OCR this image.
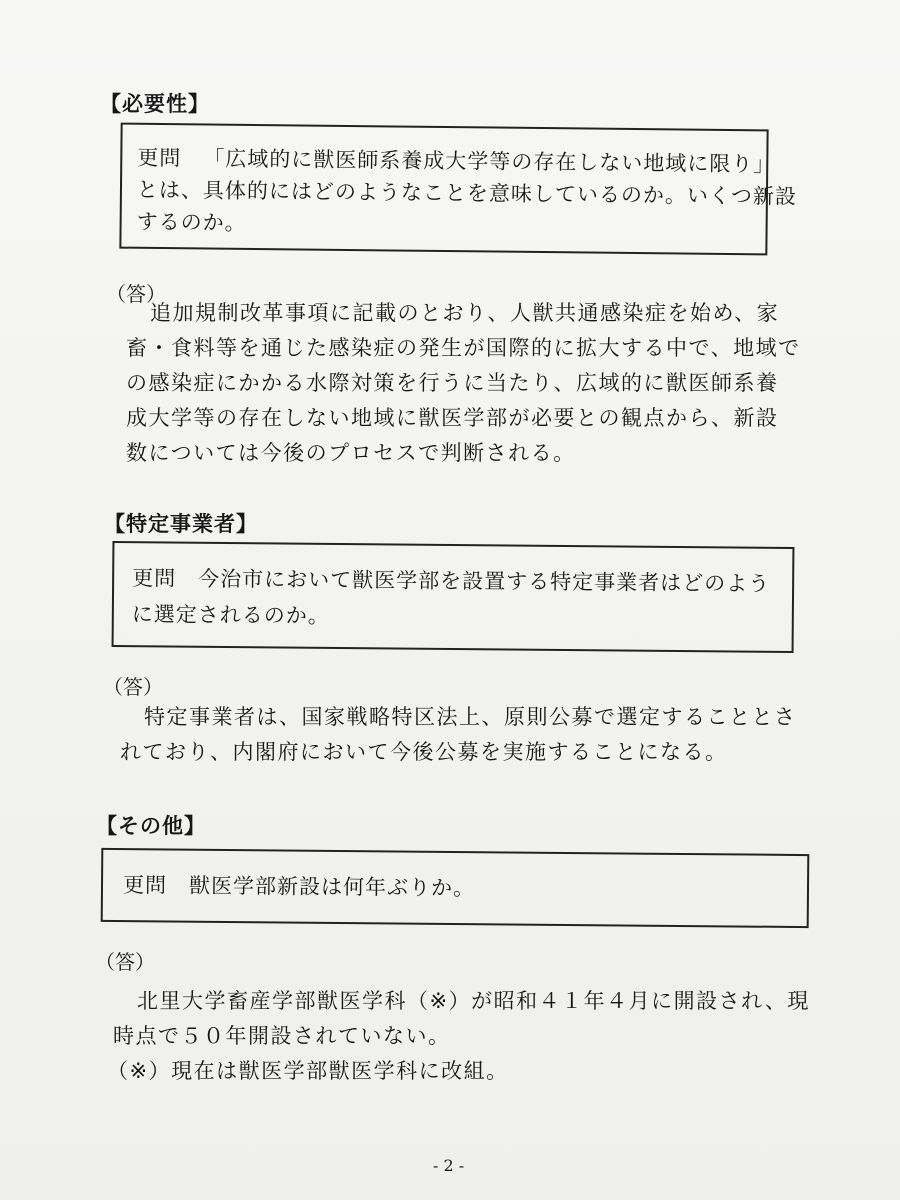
【必要性】
更問 「広域的に獣医師系養成大学等の存在しない地域に限り」
とは、具体的にはどのようなことを意味しているのか。いくつ新設
するのか。
（答）
追加規制改革事項に記載のとおり、人獣共通感染症を始め、家
畜・食料等を通じた感染症の発生が国際的に拡大する中で、地域で
の感染症にかかる水際対策を行うに当たり、広域的に獣医師系養
成大学等の存在しない地域に獣医学部が必要との観点から、新設
数については今後のプロセスで判断される。
【特定事業者】
更問 今治市において獣医学部を設置する特定事業者はどのよう
に選定されるのか。
（答）
特定事業者は、国家戦略特区法上、原則公募で選定することとさ
れており、内閣府において今後公募を実施することになる。
【その他】
更問 獣医学部新設は何年ぶりか。
（答）
北里大学畜産学部獣医学科（※）が昭和４１年４月に開設され、現
時点で５０年開設されていない。
（※）現在は獣医学部獣医学科に改組。
- 2 -
